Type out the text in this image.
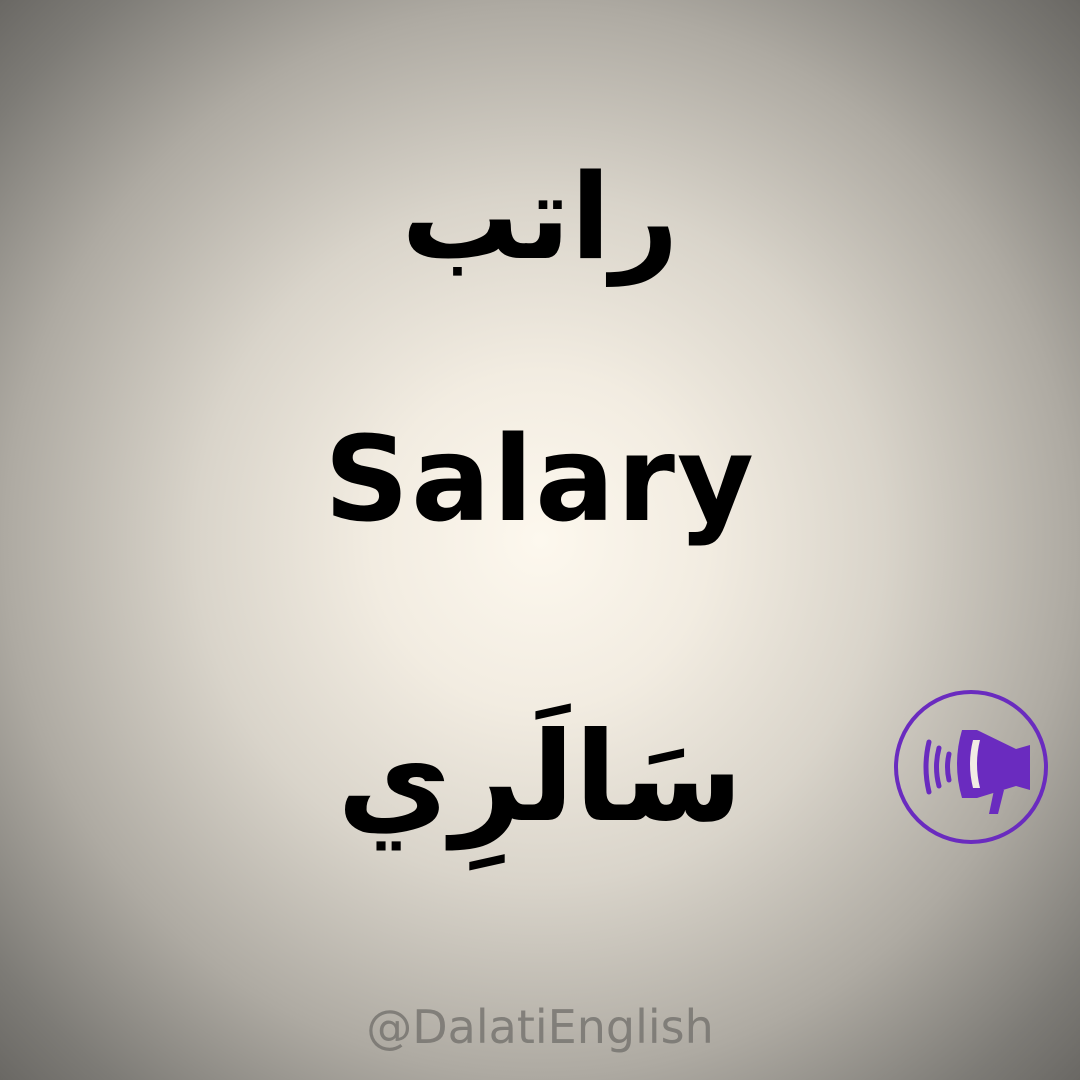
راتب
Salary
سَالَرِي
@DalatiEnglish
